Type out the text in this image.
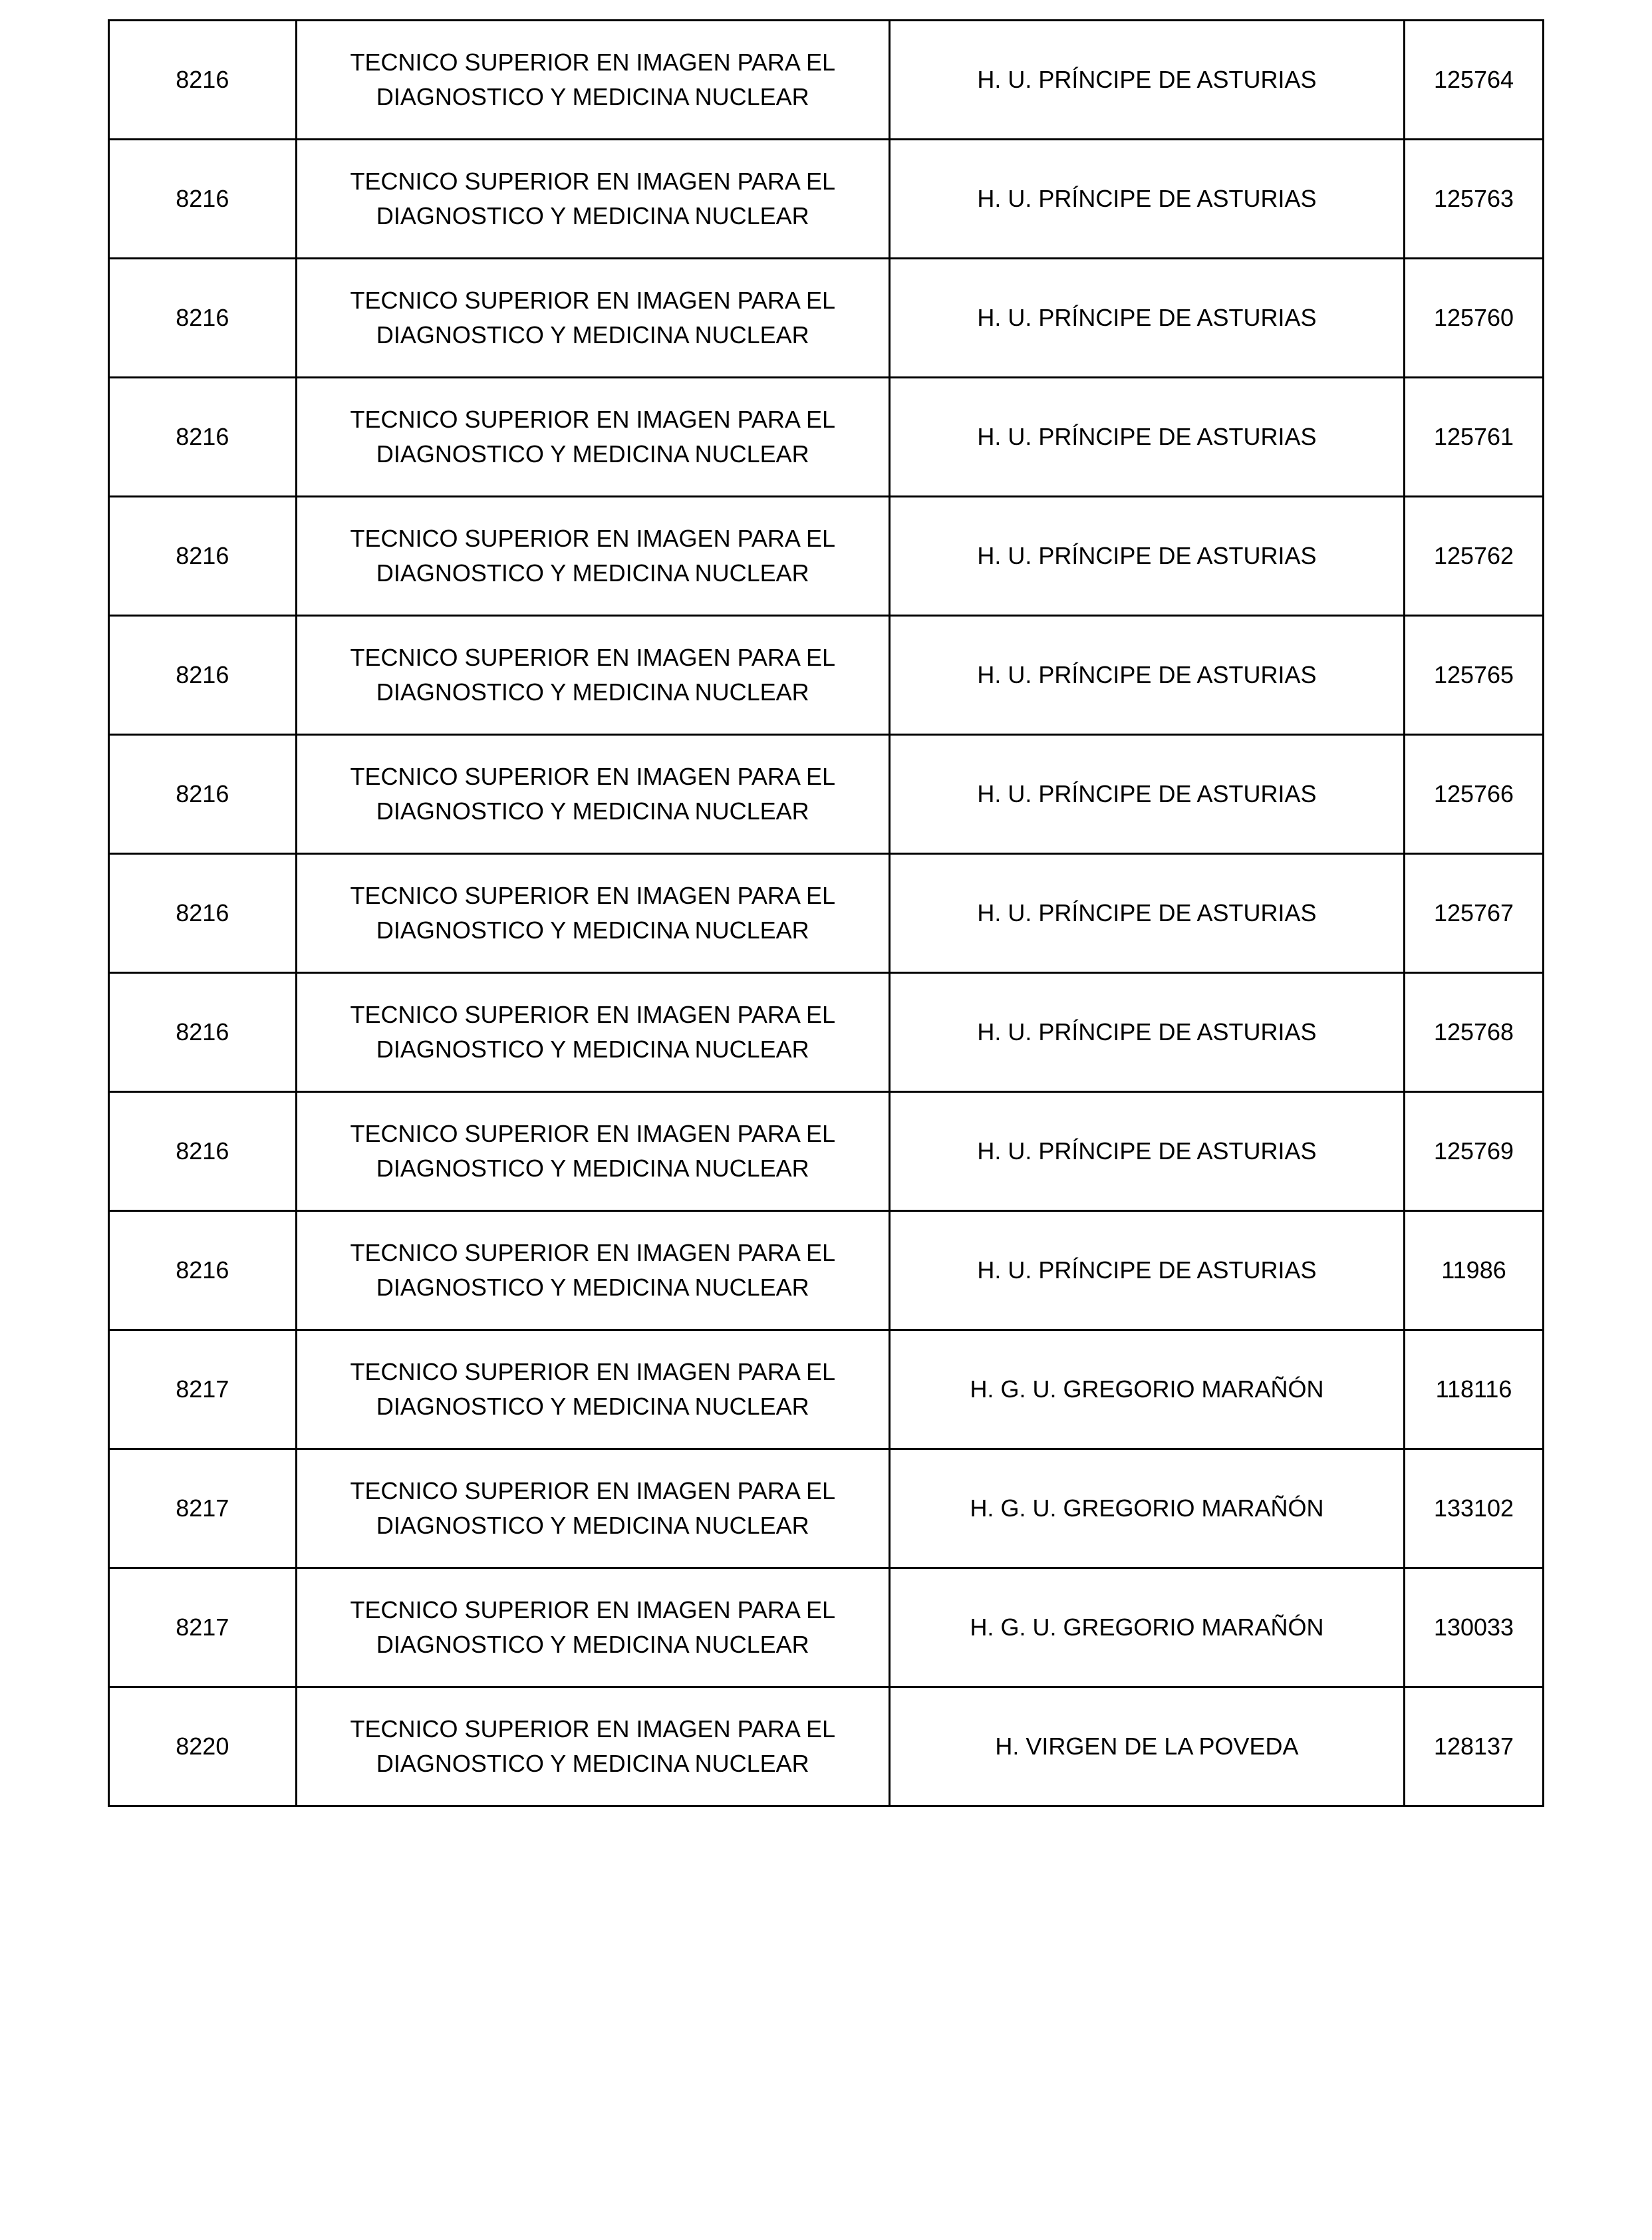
8216	TECNICO SUPERIOR EN IMAGEN PARA EL
DIAGNOSTICO Y MEDICINA NUCLEAR	H. U. PRÍNCIPE DE ASTURIAS	125764
8216	TECNICO SUPERIOR EN IMAGEN PARA EL
DIAGNOSTICO Y MEDICINA NUCLEAR	H. U. PRÍNCIPE DE ASTURIAS	125763
8216	TECNICO SUPERIOR EN IMAGEN PARA EL
DIAGNOSTICO Y MEDICINA NUCLEAR	H. U. PRÍNCIPE DE ASTURIAS	125760
8216	TECNICO SUPERIOR EN IMAGEN PARA EL
DIAGNOSTICO Y MEDICINA NUCLEAR	H. U. PRÍNCIPE DE ASTURIAS	125761
8216	TECNICO SUPERIOR EN IMAGEN PARA EL
DIAGNOSTICO Y MEDICINA NUCLEAR	H. U. PRÍNCIPE DE ASTURIAS	125762
8216	TECNICO SUPERIOR EN IMAGEN PARA EL
DIAGNOSTICO Y MEDICINA NUCLEAR	H. U. PRÍNCIPE DE ASTURIAS	125765
8216	TECNICO SUPERIOR EN IMAGEN PARA EL
DIAGNOSTICO Y MEDICINA NUCLEAR	H. U. PRÍNCIPE DE ASTURIAS	125766
8216	TECNICO SUPERIOR EN IMAGEN PARA EL
DIAGNOSTICO Y MEDICINA NUCLEAR	H. U. PRÍNCIPE DE ASTURIAS	125767
8216	TECNICO SUPERIOR EN IMAGEN PARA EL
DIAGNOSTICO Y MEDICINA NUCLEAR	H. U. PRÍNCIPE DE ASTURIAS	125768
8216	TECNICO SUPERIOR EN IMAGEN PARA EL
DIAGNOSTICO Y MEDICINA NUCLEAR	H. U. PRÍNCIPE DE ASTURIAS	125769
8216	TECNICO SUPERIOR EN IMAGEN PARA EL
DIAGNOSTICO Y MEDICINA NUCLEAR	H. U. PRÍNCIPE DE ASTURIAS	11986
8217	TECNICO SUPERIOR EN IMAGEN PARA EL
DIAGNOSTICO Y MEDICINA NUCLEAR	H. G. U. GREGORIO MARAÑÓN	118116
8217	TECNICO SUPERIOR EN IMAGEN PARA EL
DIAGNOSTICO Y MEDICINA NUCLEAR	H. G. U. GREGORIO MARAÑÓN	133102
8217	TECNICO SUPERIOR EN IMAGEN PARA EL
DIAGNOSTICO Y MEDICINA NUCLEAR	H. G. U. GREGORIO MARAÑÓN	130033
8220	TECNICO SUPERIOR EN IMAGEN PARA EL
DIAGNOSTICO Y MEDICINA NUCLEAR	H. VIRGEN DE LA POVEDA	128137
